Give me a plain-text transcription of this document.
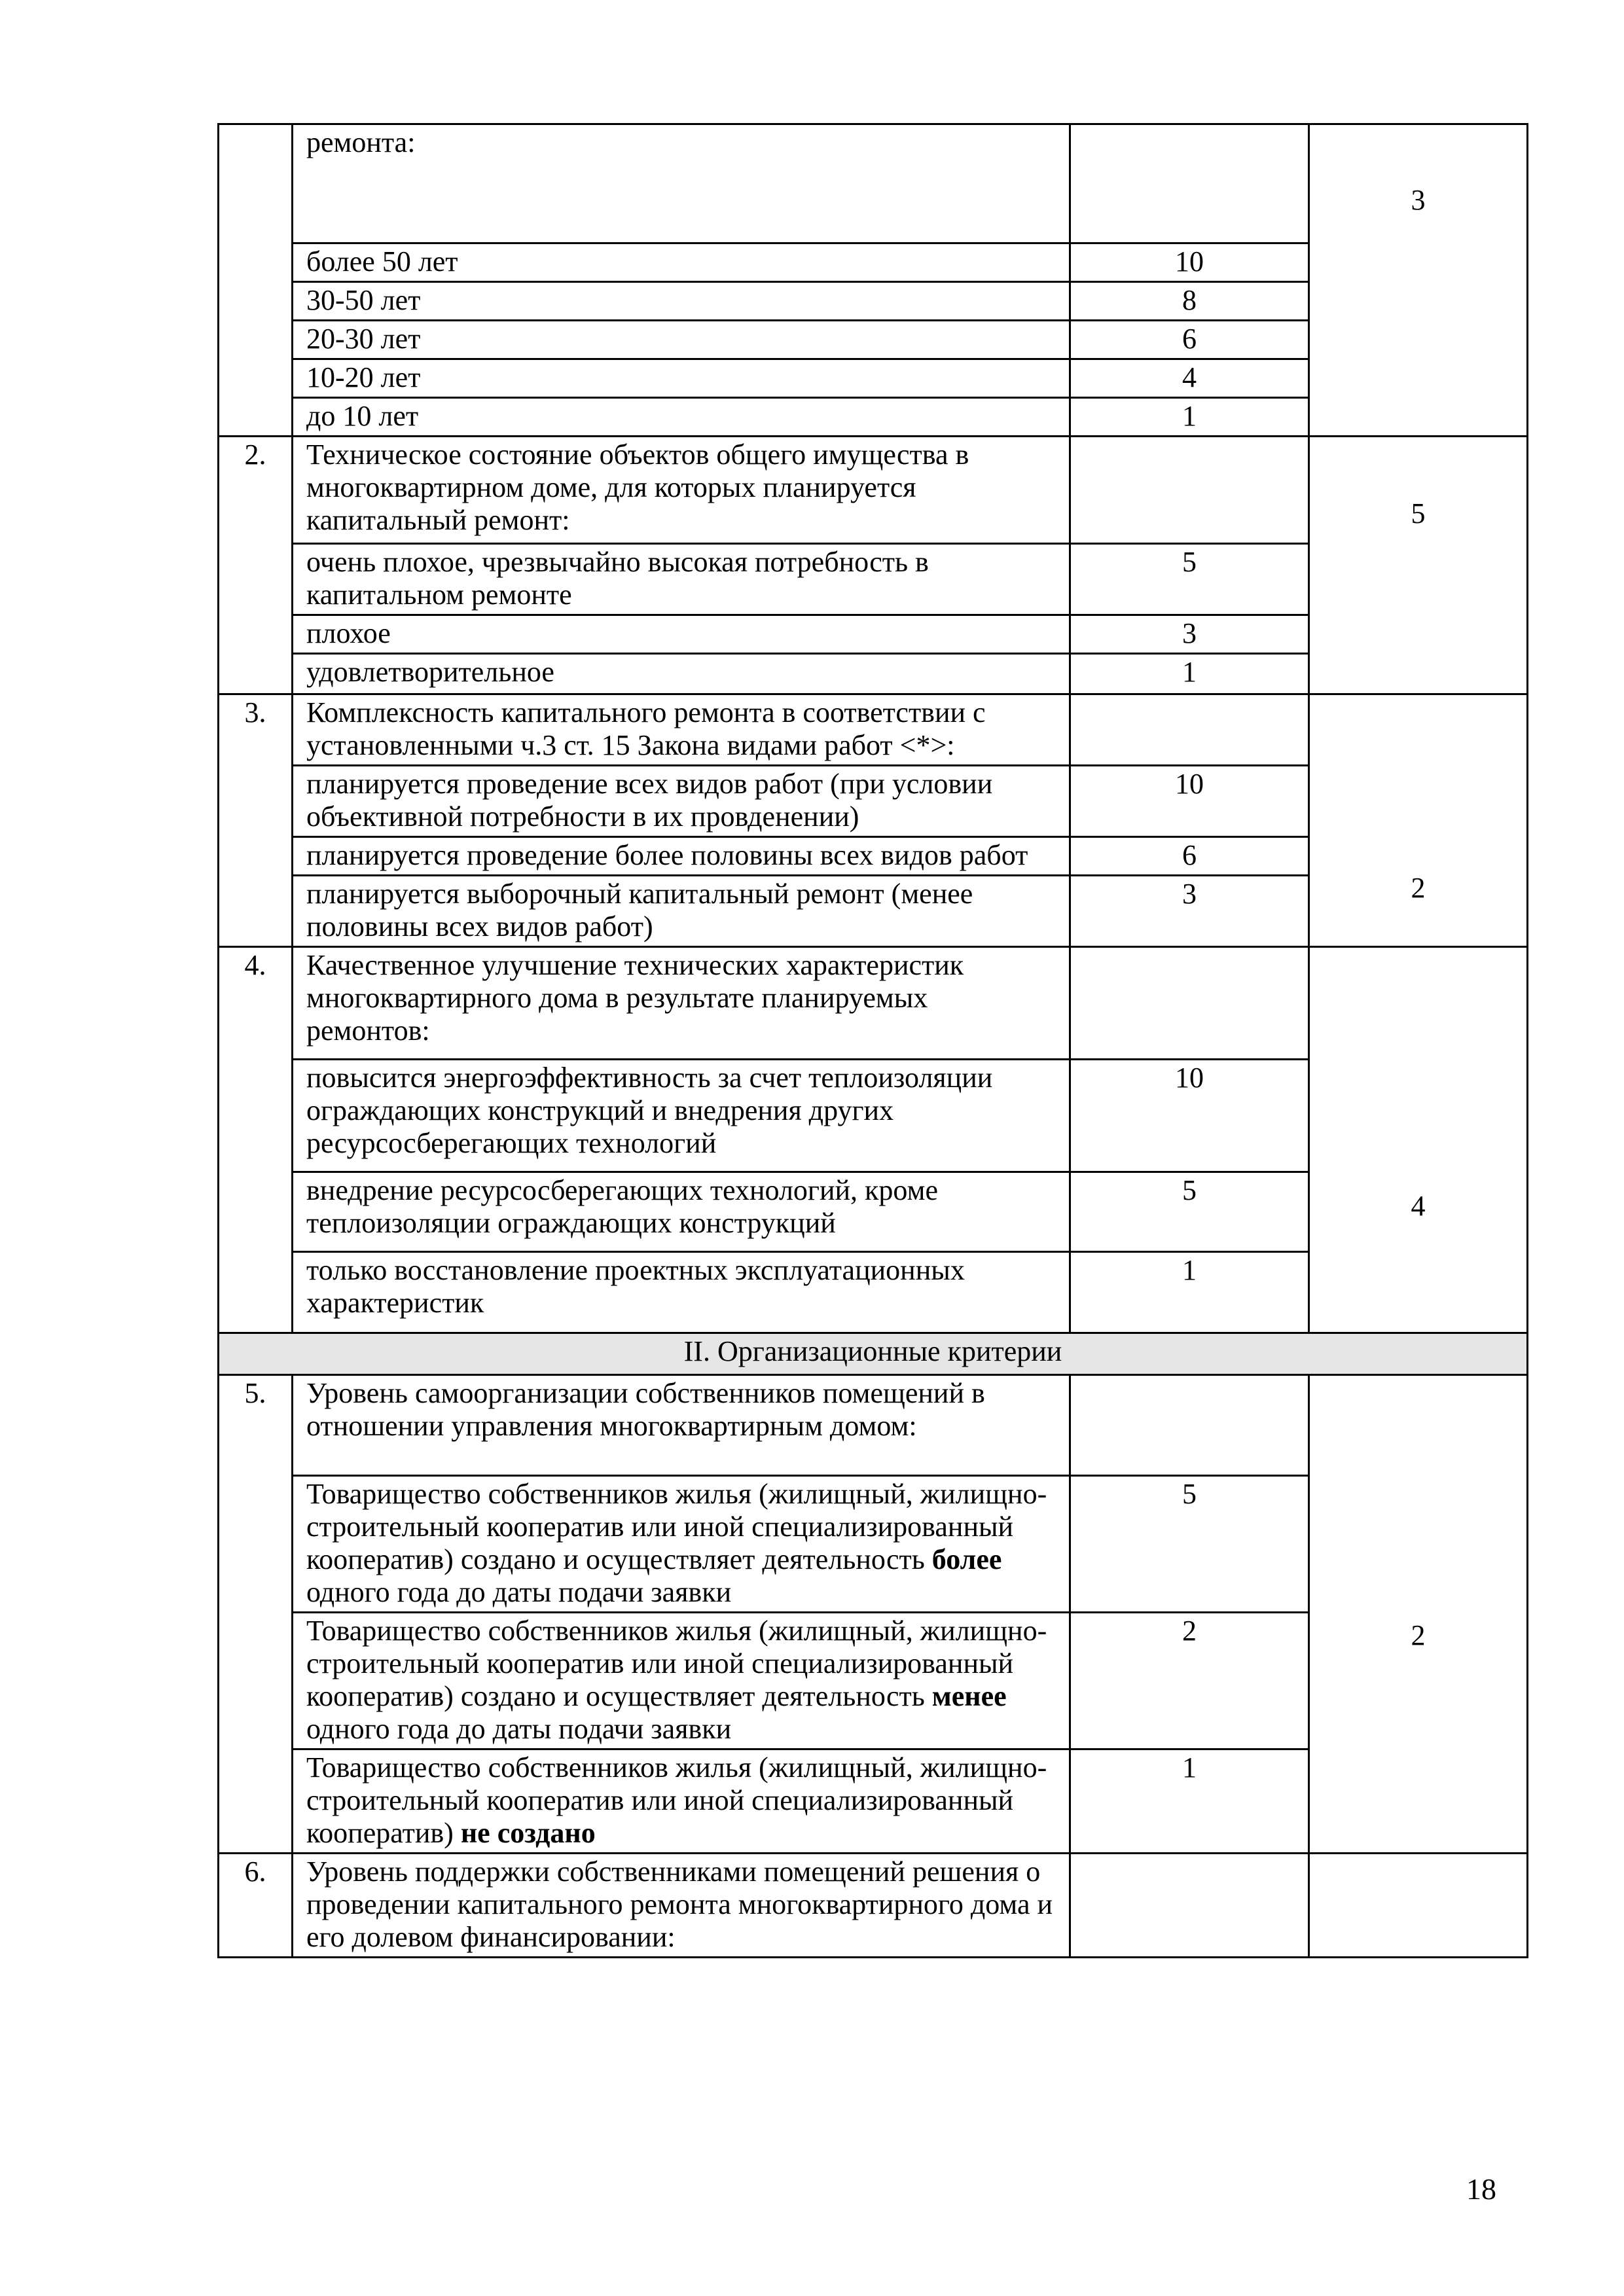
	ремонта:		3
	более 50 лет	10	
	30-50 лет	8	
	20-30 лет	6	
	10-20 лет	4	
	до 10 лет	1	
2.	Техническое состояние объектов общего имущества в многоквартирном доме, для которых планируется капитальный ремонт:		5
	очень плохое, чрезвычайно высокая потребность в капитальном ремонте	5	
	плохое	3	
	удовлетворительное	1	
3.	Комплексность капитального ремонта в соответствии с установленными ч.3 ст. 15 Закона видами работ <*>:		2
	планируется проведение всех видов работ (при условии объективной потребности в их провденении)	10	
	планируется проведение более половины всех видов работ	6	
	планируется выборочный капитальный ремонт (менее половины всех видов работ)	3	
4.	Качественное улучшение технических характеристик многоквартирного дома в результате планируемых ремонтов:		4
	повысится энергоэффективность за счет теплоизоляции ограждающих конструкций и внедрения других ресурсосберегающих технологий	10	
	внедрение ресурсосберегающих технологий, кроме теплоизоляции ограждающих конструкций	5	
	только восстановление проектных эксплуатационных характеристик	1	
II. Организационные критерии			
5.	Уровень самоорганизации собственников помещений в отношении управления многоквартирным домом:		2
	Товарищество собственников жилья (жилищный, жилищно-строительный кооператив или иной специализированный кооператив) создано и осуществляет деятельность более одного года до даты подачи заявки	5	
	Товарищество собственников жилья (жилищный, жилищно-строительный кооператив или иной специализированный кооператив) создано и осуществляет деятельность менее одного года до даты подачи заявки	2	
	Товарищество собственников жилья (жилищный, жилищно-строительный кооператив или иной специализированный кооператив) не создано	1	
6.	Уровень поддержки собственниками помещений решения о проведении капитального ремонта многоквартирного дома и его долевом финансировании:		
18
